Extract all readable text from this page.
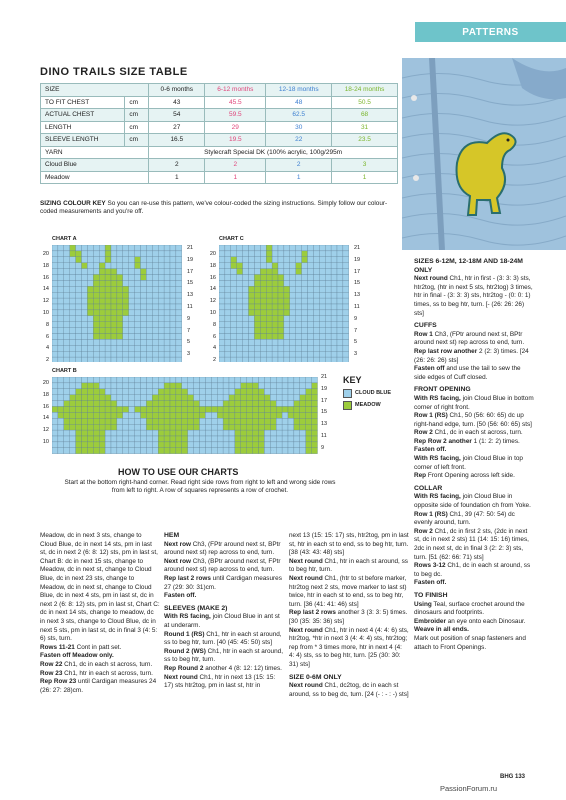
PATTERNS
DINO TRAILS SIZE TABLE
SIZE		0-6 months	6-12 months	12-18 months	18-24 months
TO FIT CHEST	cm	43	45.5	48	50.5
ACTUAL CHEST	cm	54	59.5	62.5	68
LENGTH	cm	27	29	30	31
SLEEVE LENGTH	cm	16.5	19.5	22	23.5
YARN		Stylecraft Special DK (100% acrylic, 100g/295m			
Cloud Blue		2	2	2	3
Meadow		1	1	1	1
SIZING COLOUR KEY So you can re-use this pattern, we've colour-coded the sizing instructions. Simply follow our colour-coded measurements and you're off.
CHART A
20
18
16
14
12
10
8
6
4
2
21
19
17
15
13
11
9
7
5
3
CHART C
20
18
16
14
12
10
8
6
4
2
21
19
17
15
13
11
9
7
5
3
CHART B
20
18
16
14
12
10
21
19
17
15
13
11
9
KEY
CLOUD BLUE
MEADOW
HOW TO USE OUR CHARTS
Start at the bottom right-hand corner. Read right side rows from right to left and wrong side rows from left to right. A row of squares represents a row of crochet.
Meadow, dc in next 3 sts, change to Cloud Blue, dc in next 14 sts, pm in last st, dc in next 2 (6: 8: 12) sts, pm in last st, Chart B: dc in next 15 sts, change to Meadow, dc in next st, change to Cloud Blue, dc in next 23 sts, change to Meadow, dc in next st, change to Cloud Blue, dc in next 4 sts, pm in last st, dc in next 2 (6: 8: 12) sts, pm in last st, Chart C: dc in next 14 sts, change to meadow, dc in next 3 sts, change to Cloud Blue, dc in next 5 sts, pm in last st, dc in final 3 (4: 5: 6) sts, turn.
Rows 11-21 Cont in patt set.
Fasten off Meadow only.
Row 22 Ch1, dc in each st across, turn.
Row 23 Ch1, htr in each st across, turn.
Rep Row 23 until Cardigan measures 24 (26: 27: 28)cm.
HEM
Next row Ch3, (FPtr around next st, BPtr around next st) rep across to end, turn.
Next row Ch3, (BPtr around next st, FPtr around next st) rep across to end, turn.
Rep last 2 rows until Cardigan measures 27 (29: 30: 31)cm.
Fasten off.
SLEEVES (MAKE 2)
With RS facing, join Cloud Blue in ant st at underarm.
Round 1 (RS) Ch1, htr in each st around, ss to beg htr, turn. [40 (45: 45: 50) sts]
Round 2 (WS) Ch1, htr in each st around, ss to beg htr, turn.
Rep Round 2 another 4 (8: 12: 12) times.
Next round Ch1, htr in next 13 (15: 15: 17) sts htr2tog, pm in last st, htr in
next 13 (15: 15: 17) sts, htr2tog, pm in last st, htr in each st to end, ss to beg htr, turn. [38 (43: 43: 48) sts]
Next round Ch1, htr in each st around, ss to beg htr, turn.
Next round Ch1, (htr to st before marker, htr2tog next 2 sts, move marker to last st) twice, htr in each st to end, ss to beg htr, turn. [36 (41: 41: 46) sts]
Rep last 2 rows another 3 (3: 3: 5) times. [30 (35: 35: 36) sts]
Next round Ch1, htr in next 4 (4: 4: 6) sts, htr2tog, *htr in next 3 (4: 4: 4) sts, htr2tog; rep from * 3 times more, htr in next 4 (4: 4: 4) sts, ss to beg htr, turn. [25 (30: 30: 31) sts]
SIZE 0-6M ONLY
Next round Ch1, dc2tog, dc in each st around, ss to beg dc, turn. [24 (- : - : -) sts]
SIZES 6-12M, 12-18M AND 18-24M ONLY
Next round Ch1, htr in first - (3: 3: 3) sts, htr2tog, (htr in next 5 sts, htr2tog) 3 times, htr in final - (3: 3: 3) sts, htr2tog - (0: 0: 1) times, ss to beg htr, turn. [- (26: 26: 26) sts]
CUFFS
Row 1 Ch3, (FPtr around next st, BPtr around next st) rep across to end, turn.
Rep last row another 2 (2: 3) times. [24 (26: 26: 26) sts]
Fasten off and use the tail to sew the side edges of Cuff closed.
FRONT OPENING
With RS facing, join Cloud Blue in bottom corner of right front.
Row 1 (RS) Ch1, 50 (56: 60: 65) dc up right-hand edge, turn. [50 (56: 60: 65) sts]
Row 2 Ch1, dc in each st across, turn.
Rep Row 2 another 1 (1: 2: 2) times.
Fasten off.
With RS facing, join Cloud Blue in top corner of left front.
Rep Front Opening across left side.
COLLAR
With RS facing, join Cloud Blue in opposite side of foundation ch from Yoke.
Row 1 (RS) Ch1, 39 (47: 50: 54) dc evenly around, turn.
Row 2 Ch1, dc in first 2 sts, (2dc in next st, dc in next 2 sts) 11 (14: 15: 16) times, 2dc in next st, dc in final 3 (2: 2: 3) sts, turn. [51 (62: 66: 71) sts]
Rows 3-12 Ch1, dc in each st around, ss to beg dc.
Fasten off.
TO FINISH
Using Teal, surface crochet around the dinosaurs and footprints.
Embroider an eye onto each Dinosaur.
Weave in all ends.
Mark out position of snap fasteners and attach to Front Openings.
BHG 133
PassionForum.ru
